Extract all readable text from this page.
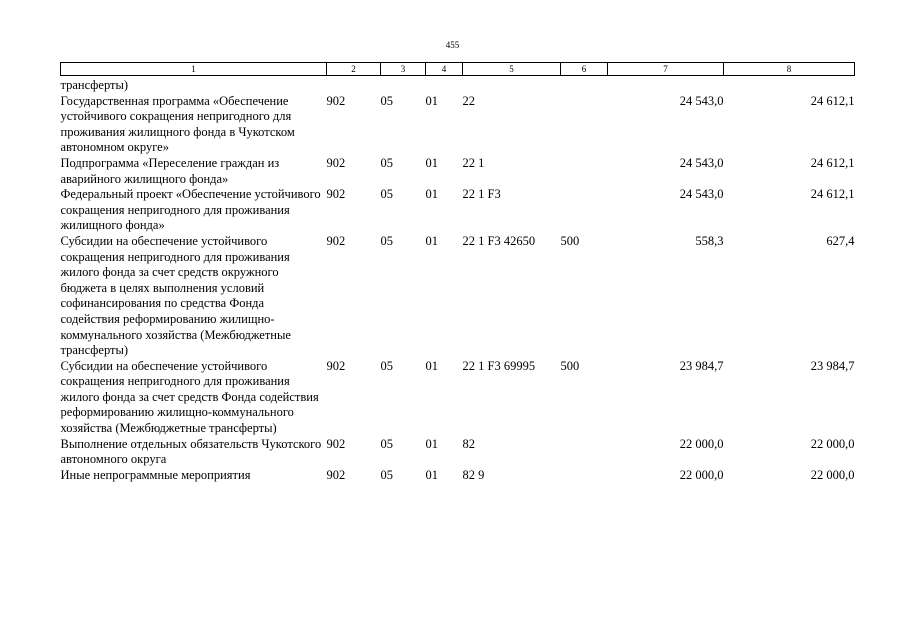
455
1	2	3	4	5	6	7	8
трансферты)							
Государственная программа «Обеспечение устойчивого сокращения непригодного для проживания жилищного фонда в Чукотском автономном округе»	902	05	01	22		24 543,0	24 612,1
Подпрограмма «Переселение граждан из аварийного жилищного фонда»	902	05	01	22 1		24 543,0	24 612,1
Федеральный проект «Обеспечение устойчивого сокращения непригодного для проживания жилищного фонда»	902	05	01	22 1 F3		24 543,0	24 612,1
Субсидии на обеспечение устойчивого сокращения непригодного для проживания жилого фонда за счет средств окружного бюджета в целях выполнения условий софинансирования по средства Фонда содействия реформированию жилищно-коммунального хозяйства (Межбюджетные трансферты)	902	05	01	22 1 F3 42650	500	558,3	627,4
Субсидии на обеспечение устойчивого сокращения непригодного для проживания жилого фонда за счет средств Фонда содействия реформированию жилищно-коммунального хозяйства (Межбюджетные трансферты)	902	05	01	22 1 F3 69995	500	23 984,7	23 984,7
Выполнение отдельных обязательств Чукотского автономного округа	902	05	01	82		22 000,0	22 000,0
Иные непрограммные мероприятия	902	05	01	82 9		22 000,0	22 000,0
